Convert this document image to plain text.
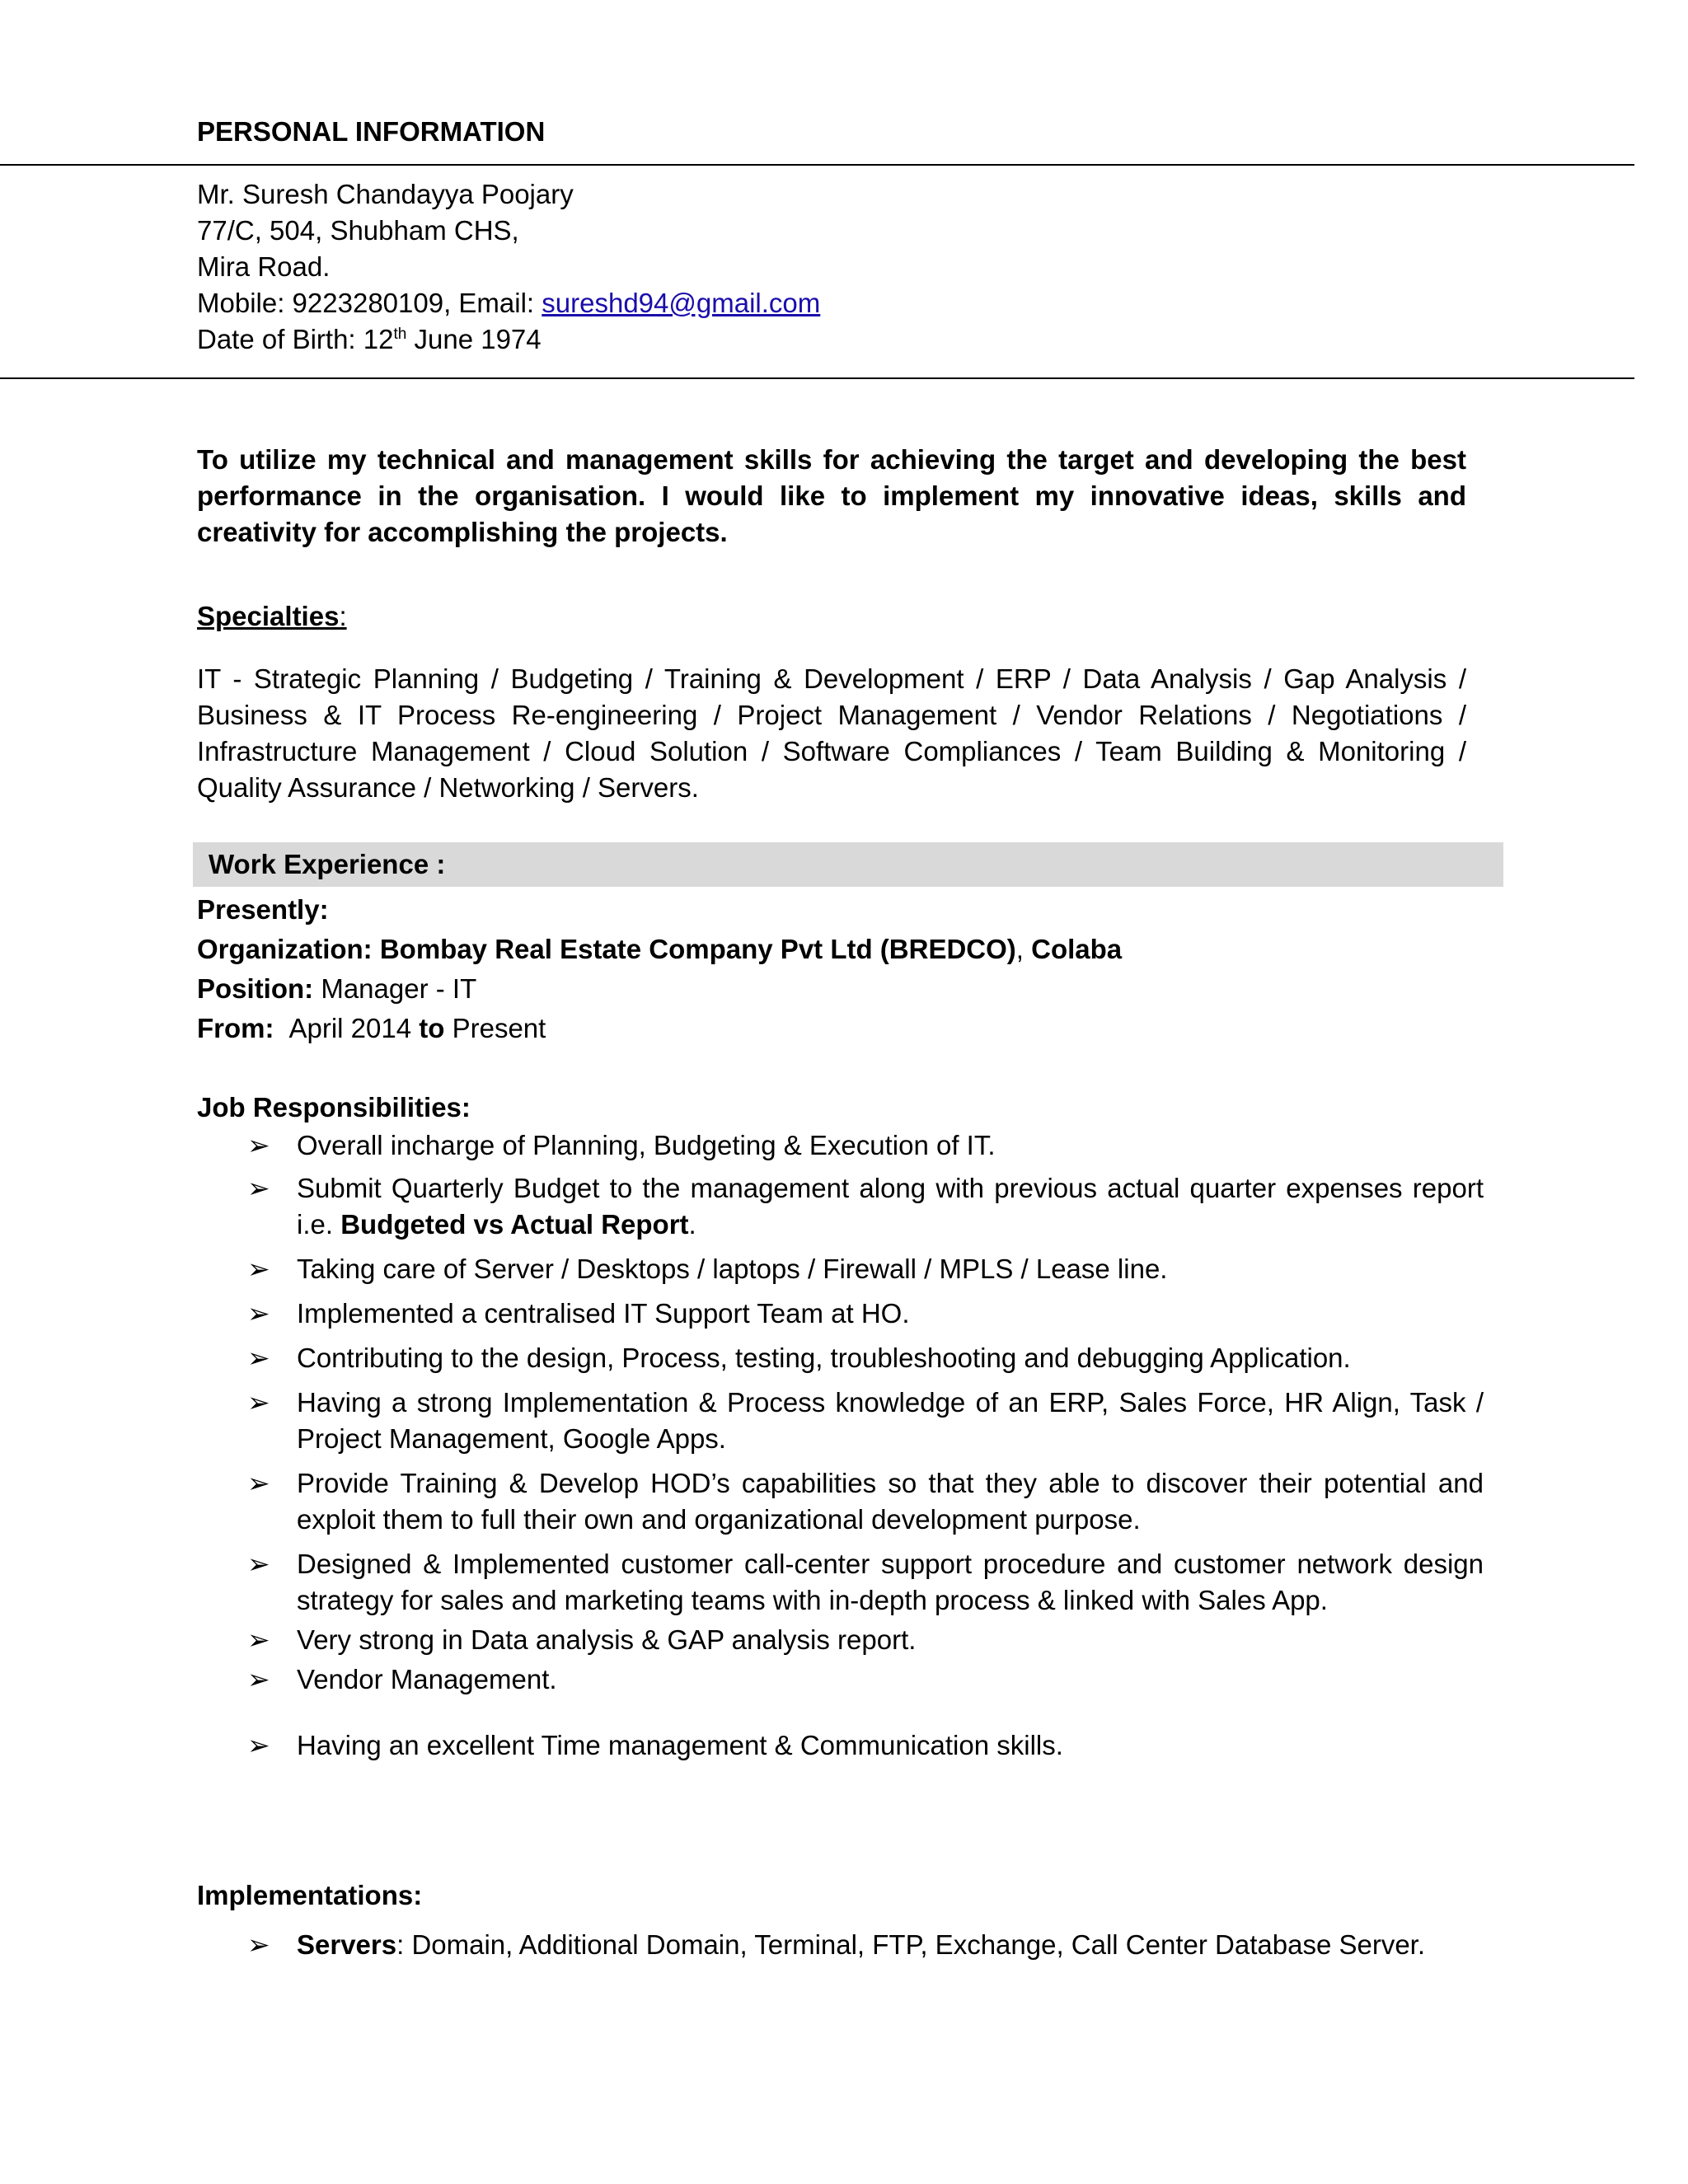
PERSONAL INFORMATION
Mr. Suresh Chandayya Poojary
77/C, 504, Shubham CHS,
Mira Road.
Mobile: 9223280109, Email: sureshd94@gmail.com
Date of Birth: 12th June 1974
To utilize my technical and management skills for achieving the target and developing the best performance in the organisation. I would like to implement my innovative ideas, skills and creativity for accomplishing the projects.
Specialties:
IT - Strategic Planning / Budgeting / Training & Development / ERP / Data Analysis / Gap Analysis / Business & IT Process Re-engineering / Project Management / Vendor Relations / Negotiations / Infrastructure Management / Cloud Solution / Software Compliances / Team Building & Monitoring / Quality Assurance / Networking / Servers.
Work Experience :
Presently:
Organization: Bombay Real Estate Company Pvt Ltd (BREDCO), Colaba
Position: Manager - IT
From: April 2014 to Present
Job Responsibilities:
➢ Overall incharge of Planning, Budgeting & Execution of IT.
➢ Submit Quarterly Budget to the management along with previous actual quarter expenses report i.e. Budgeted vs Actual Report.
➢ Taking care of Server / Desktops / laptops / Firewall / MPLS / Lease line.
➢ Implemented a centralised IT Support Team at HO.
➢ Contributing to the design, Process, testing, troubleshooting and debugging Application.
➢ Having a strong Implementation & Process knowledge of an ERP, Sales Force, HR Align, Task / Project Management, Google Apps.
➢ Provide Training & Develop HOD’s capabilities so that they able to discover their potential and exploit them to full their own and organizational development purpose.
➢ Designed & Implemented customer call-center support procedure and customer network design strategy for sales and marketing teams with in-depth process & linked with Sales App.
➢ Very strong in Data analysis & GAP analysis report.
➢ Vendor Management.
➢ Having an excellent Time management & Communication skills.
Implementations:
➢ Servers: Domain, Additional Domain, Terminal, FTP, Exchange, Call Center Database Server.
